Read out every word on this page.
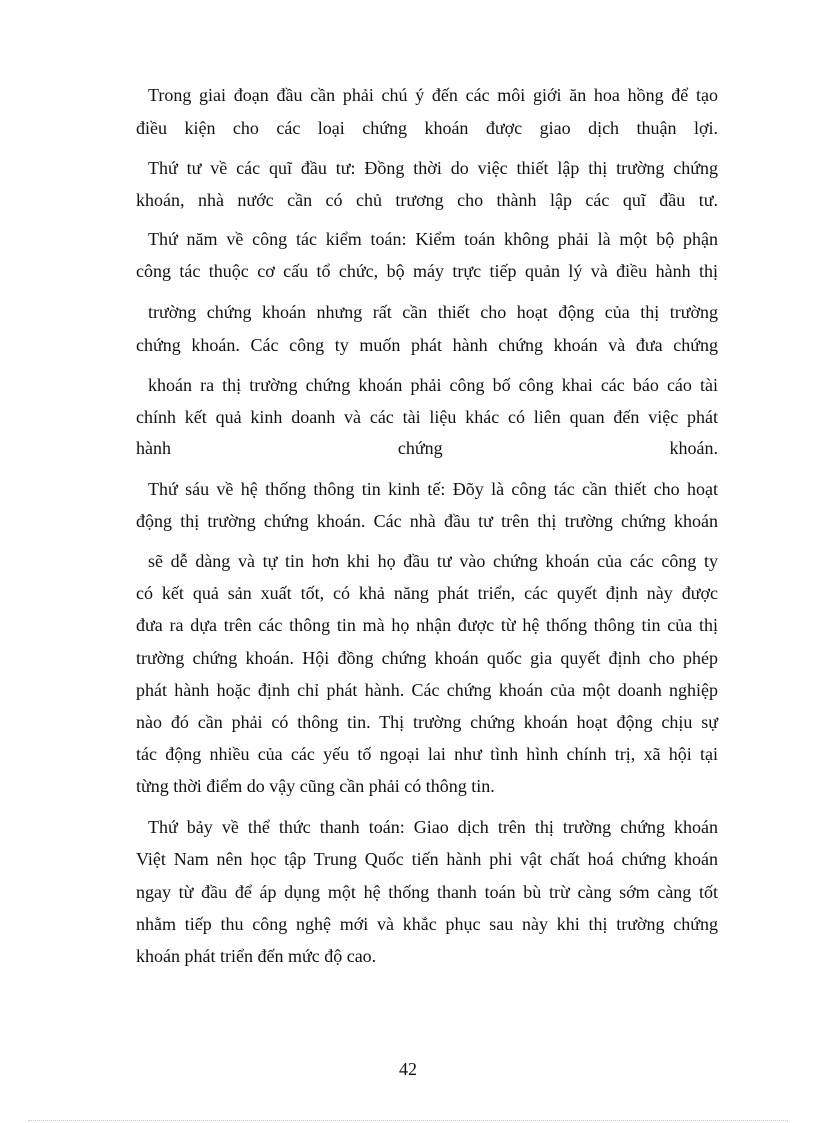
Trong giai đoạn đầu cần phải chú ý đến các môi giới ăn hoa hồng để tạo
điều kiện cho các loại chứng khoán được giao dịch thuận lợi.
Thứ tư về các quĩ đầu tư: Đồng thời do việc thiết lập thị trường chứng
khoán, nhà nước cần có chủ trương cho thành lập các quĩ đầu tư.
Thứ năm về công tác kiểm toán: Kiểm toán không phải là một bộ phận
công tác thuộc cơ cấu tổ chức, bộ máy trực tiếp quản lý và điều hành thị
trường chứng khoán nhưng rất cần thiết cho hoạt động của thị trường
chứng khoán. Các công ty muốn phát hành chứng khoán và đưa chứng
khoán ra thị trường chứng khoán phải công bố công khai các báo cáo tài
chính kết quả kinh doanh và các tài liệu khác có liên quan đến việc phát
hành chứng khoán.
Thứ sáu về hệ thống thông tin kinh tế: Đõy là công tác cần thiết cho hoạt
động thị trường chứng khoán. Các nhà đầu tư trên thị trường chứng khoán
sẽ dễ dàng và tự tin hơn khi họ đầu tư vào chứng khoán của các công ty
có kết quả sản xuất tốt, có khả năng phát triển, các quyết định này được
đưa ra dựa trên các thông tin mà họ nhận được từ hệ thống thông tin của thị
trường chứng khoán. Hội đồng chứng khoán quốc gia quyết định cho phép
phát hành hoặc định chỉ phát hành. Các chứng khoán của một doanh nghiệp
nào đó cần phải có thông tin. Thị trường chứng khoán hoạt động chịu sự
tác động nhiều của các yếu tố ngoại lai như tình hình chính trị, xã hội tại
từng thời điểm do vậy cũng cần phải có thông tin.
Thứ bảy về thể thức thanh toán: Giao dịch trên thị trường chứng khoán
Việt Nam nên học tập Trung Quốc tiến hành phi vật chất hoá chứng khoán
ngay từ đầu để áp dụng một hệ thống thanh toán bù trừ càng sớm càng tốt
nhằm tiếp thu công nghệ mới và khắc phục sau này khi thị trường chứng
khoán phát triển đến mức độ cao.
42
